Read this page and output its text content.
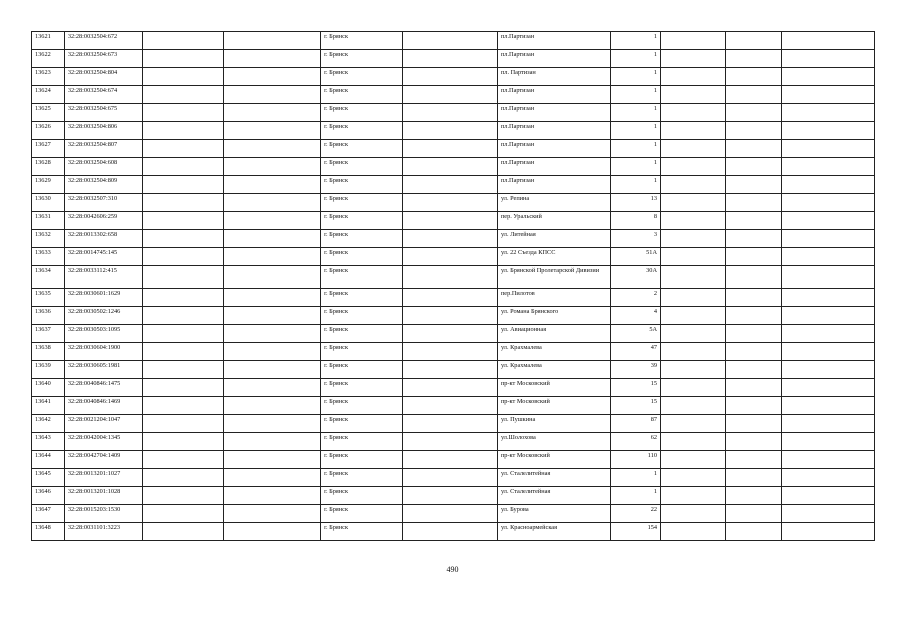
13621	32:28:0032504:672			г. Брянск		пл.Партизан	1			
13622	32:28:0032504:673			г. Брянск		пл.Партизан	1			
13623	32:28:0032504:804			г. Брянск		пл. Партизан	1			
13624	32:28:0032504:674			г. Брянск		пл.Партизан	1			
13625	32:28:0032504:675			г. Брянск		пл.Партизан	1			
13626	32:28:0032504:806			г. Брянск		пл.Партизан	1			
13627	32:28:0032504:807			г. Брянск		пл.Партизан	1			
13628	32:28:0032504:608			г. Брянск		пл.Партизан	1			
13629	32:28:0032504:809			г. Брянск		пл.Партизан	1			
13630	32:28:0032507:310			г. Брянск		ул. Репина	13			
13631	32:28:0042606:259			г. Брянск		пер. Уральский	8			
13632	32:28:0013302:658			г. Брянск		ул. Литейная	3			
13633	32:28:0014745:145			г. Брянск		ул. 22 Съезда КПСС	51А			
13634	32:28:0033112:415			г. Брянск		ул. Брянской Пролетарской Дивизии	30А			
13635	32:28:0030601:1629			г. Брянск		пер.Пилотов	2			
13636	32:28:0030502:1246			г. Брянск		ул. Романа Брянского	4			
13637	32:28:0030503:1095			г. Брянск		ул. Авиационная	5А			
13638	32:28:0030604:1900			г. Брянск		ул. Крахмалева	47			
13639	32:28:0030605:1981			г. Брянск		ул. Крахмалева	39			
13640	32:28:0040846:1475			г. Брянск		пр-кт Московский	15			
13641	32:28:0040846:1469			г. Брянск		пр-кт Московский	15			
13642	32:28:0021204:1047			г. Брянск		ул. Пушкина	87			
13643	32:28:0042004:1345			г. Брянск		ул.Шолохова	62			
13644	32:28:0042704:1409			г. Брянск		пр-кт Московский	110			
13645	32:28:0013201:1027			г. Брянск		ул. Сталелитейная	1			
13646	32:28:0013201:1028			г. Брянск		ул. Сталелитейная	1			
13647	32:28:0015203:1530			г. Брянск		ул. Бурова	22			
13648	32:28:0031101:3223			г. Брянск		ул. Красноармейская	154			
490
